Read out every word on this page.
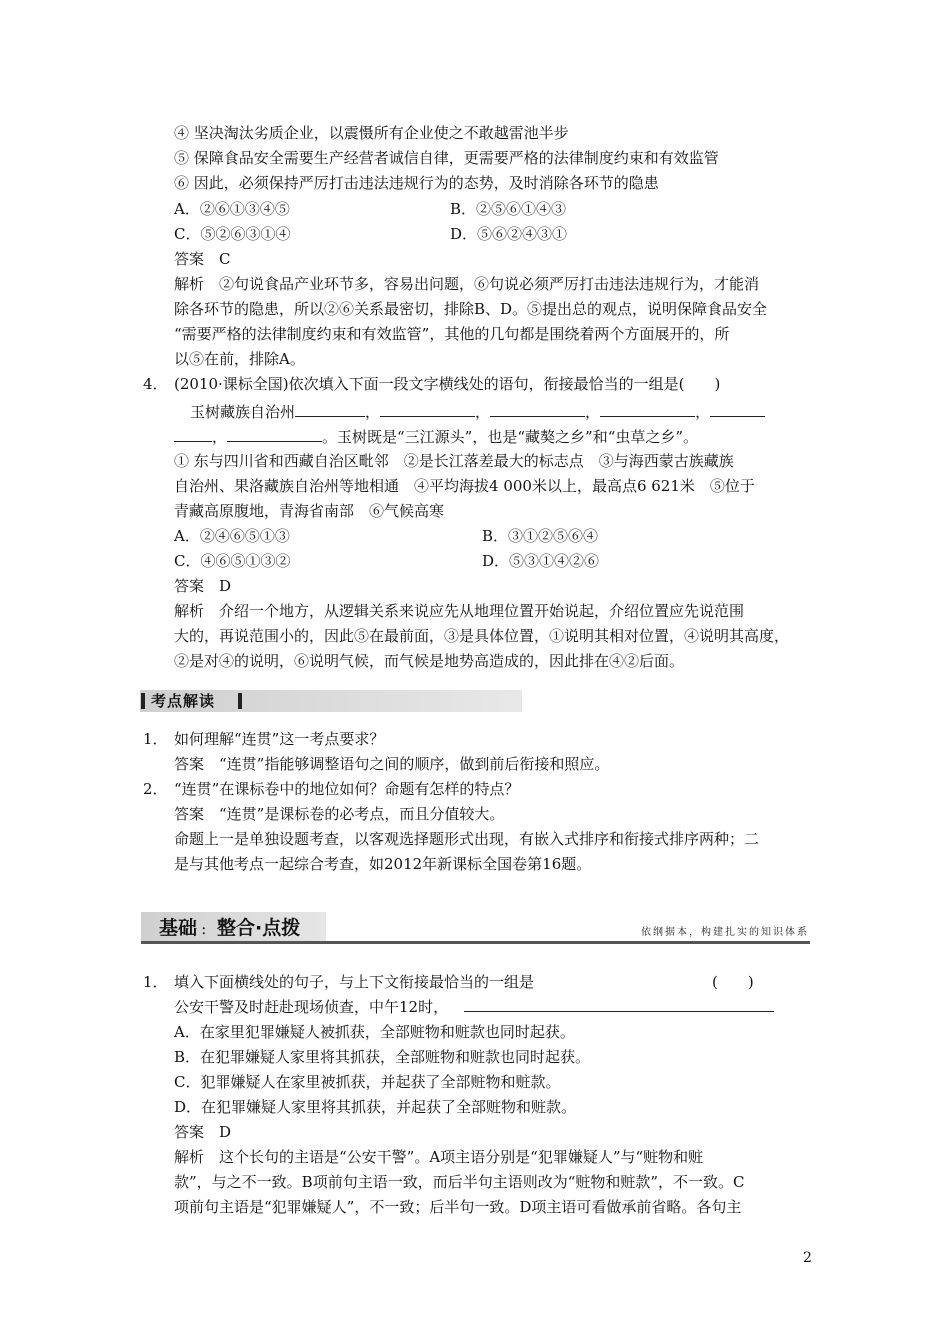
④ 坚决淘汰劣质企业，以震慑所有企业使之不敢越雷池半步
⑤ 保障食品安全需要生产经营者诚信自律，更需要严格的法律制度约束和有效监管
⑥ 因此，必须保持严厉打击违法违规行为的态势，及时消除各环节的隐患
A．②⑥①③④⑤	B．②⑤⑥①④③
C．⑤②⑥③①④	D．⑤⑥②④③①
答案　C
解析　②句说食品产业环节多，容易出问题，⑥句说必须严厉打击违法违规行为，才能消
除各环节的隐患，所以②⑥关系最密切，排除B、D。⑤提出总的观点，说明保障食品安全
“需要严格的法律制度约束和有效监管”，其他的几句都是围绕着两个方面展开的，所
以⑤在前，排除A。
4． (2010·课标全国)依次填入下面一段文字横线处的语句，衔接最恰当的一组是(　　)
玉树藏族自治州	，	，	，	，
，	。玉树既是“三江源头”，也是“藏獒之乡”和“虫草之乡”。
① 东与四川省和西藏自治区毗邻　②是长江落差最大的标志点　③与海西蒙古族藏族
自治州、果洛藏族自治州等地相通　④平均海拔4 000米以上，最高点6 621米　⑤位于
青藏高原腹地，青海省南部　⑥气候高寒
A．②④⑥⑤①③	B．③①②⑤⑥④
C．④⑥⑤①③②	D．⑤③①④②⑥
答案　D
解析　介绍一个地方，从逻辑关系来说应先从地理位置开始说起，介绍位置应先说范围
大的，再说范围小的，因此⑤在最前面，③是具体位置，①说明其相对位置，④说明其高度，
②是对④的说明，⑥说明气候，而气候是地势高造成的，因此排在④②后面。
考点解读
1． 如何理解“连贯”这一考点要求？
答案　“连贯”指能够调整语句之间的顺序，做到前后衔接和照应。
2． “连贯”在课标卷中的地位如何？命题有怎样的特点？
答案　“连贯”是课标卷的必考点，而且分值较大。
命题上一是单独设题考查，以客观选择题形式出现，有嵌入式排序和衔接式排序两种；二
是与其他考点一起综合考查，如2012年新课标全国卷第16题。
基础 ： 整合·点拨	依纲据本，构建扎实的知识体系
1． 填入下面横线处的句子，与上下文衔接最恰当的一组是	(　　)
公安干警及时赶赴现场侦查，中午12时，
A．在家里犯罪嫌疑人被抓获，全部赃物和赃款也同时起获。
B．在犯罪嫌疑人家里将其抓获，全部赃物和赃款也同时起获。
C．犯罪嫌疑人在家里被抓获，并起获了全部赃物和赃款。
D．在犯罪嫌疑人家里将其抓获，并起获了全部赃物和赃款。
答案　D
解析　这个长句的主语是“公安干警”。A项主语分别是“犯罪嫌疑人”与“赃物和赃
款”，与之不一致。B项前句主语一致，而后半句主语则改为“赃物和赃款”，不一致。C
项前句主语是“犯罪嫌疑人”，不一致；后半句一致。D项主语可看做承前省略。各句主
2
